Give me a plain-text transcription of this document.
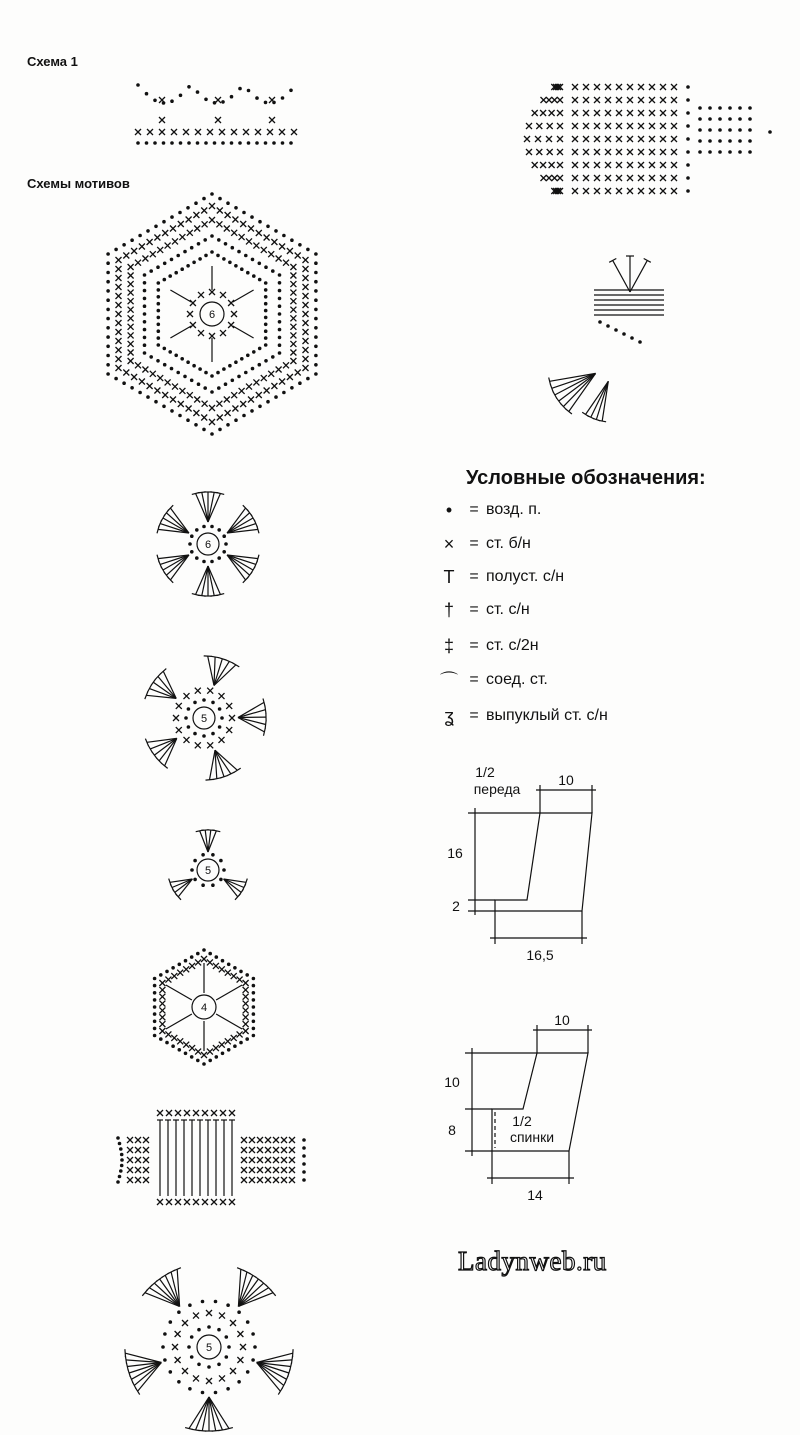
Схема 1
Схемы мотивов
6
6
5
5
4
5
1/2
переда
10
16
2
16,5
10
10
8
1/2
спинки
14
Условные обозначения:
•	= возд. п.
× = ст. б/н
T = полуст. с/н
† = ст. с/н
‡ = ст. с/2н
⌒ = соед. ст.
ʓ = выпуклый ст. с/н
Ladynweb.ru
